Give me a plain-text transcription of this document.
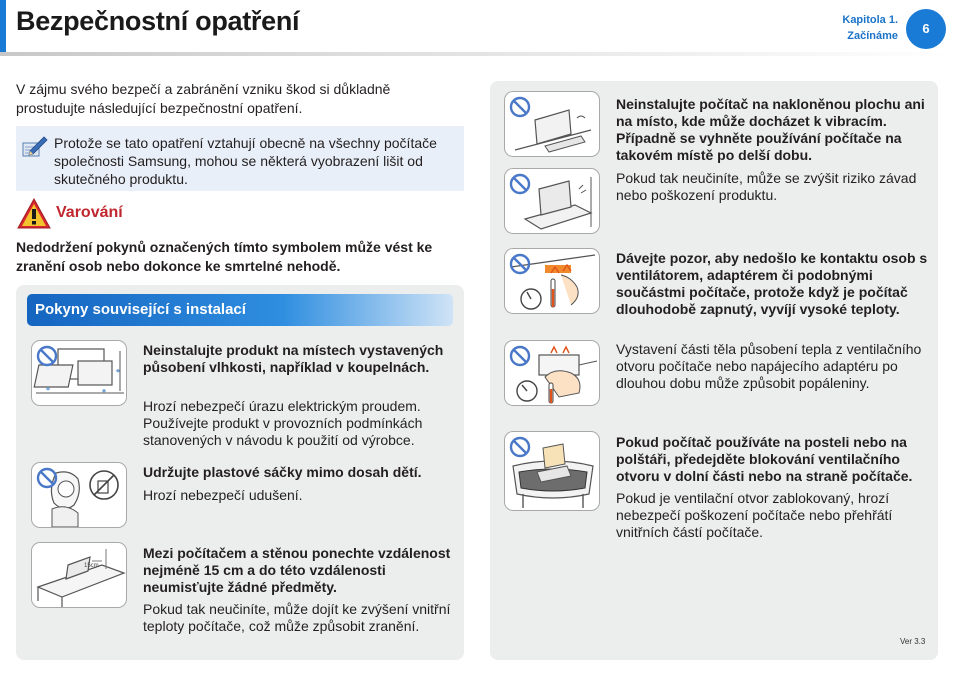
Bezpečnostní opatření	Kapitola 1.
Začínáme	6
V zájmu svého bezpečí a zabránění vzniku škod si důkladně prostudujte následující bezpečnostní opatření.
Protože se tato opatření vztahují obecně na všechny počítače společnosti Samsung, mohou se některá vyobrazení lišit od skutečného produktu.
Varování
Nedodržení pokynů označených tímto symbolem může vést ke zranění osob nebo dokonce ke smrtelné nehodě.
Pokyny související s instalací
Neinstalujte produkt na místech vystavených působení vlhkosti, například v koupelnách.
Hrozí nebezpečí úrazu elektrickým proudem. Používejte produkt v provozních podmínkách stanovených v návodu k použití od výrobce.
Udržujte plastové sáčky mimo dosah dětí.
Hrozí nebezpečí udušení.
15cm
Mezi počítačem a stěnou ponechte vzdálenost nejméně 15 cm a do této vzdálenosti neumisťujte žádné předměty.
Pokud tak neučiníte, může dojít ke zvýšení vnitřní teploty počítače, což může způsobit zranění.
Neinstalujte počítač na nakloněnou plochu ani na místo, kde může docházet k vibracím. Případně se vyhněte používání počítače na takovém místě po delší dobu.
Pokud tak neučiníte, může se zvýšit riziko závad nebo poškození produktu.
Dávejte pozor, aby nedošlo ke kontaktu osob s ventilátorem, adaptérem či podobnými součástmi počítače, protože když je počítač dlouhodobě zapnutý, vyvíjí vysoké teploty.
Vystavení části těla působení tepla z ventilačního otvoru počítače nebo napájecího adaptéru po dlouhou dobu může způsobit popáleniny.
Pokud počítač používáte na posteli nebo na polštáři, předejděte blokování ventilačního otvoru v dolní části nebo na straně počítače.
Pokud je ventilační otvor zablokovaný, hrozí nebezpečí poškození počítače nebo přehřátí vnitřních částí počítače.
Ver 3.3
